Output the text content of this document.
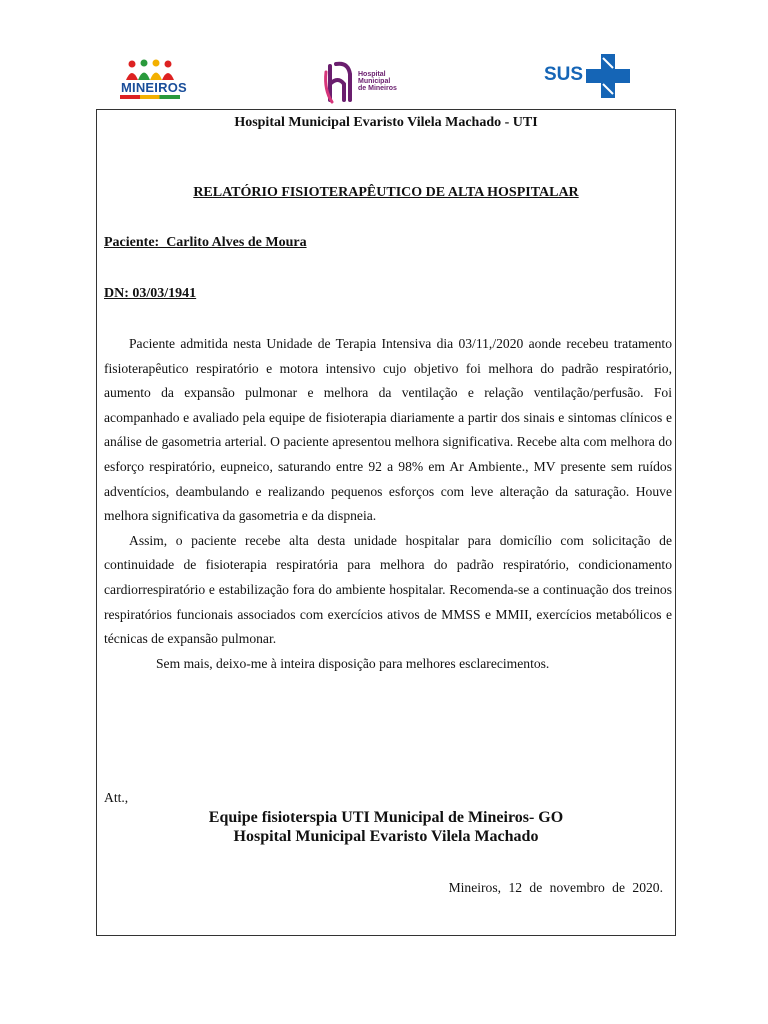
MINEIROS
Hospital
Municipal
de Mineiros
SUS
Hospital Municipal Evaristo Vilela Machado - UTI
RELATÓRIO FISIOTERAPÊUTICO DE ALTA HOSPITALAR
Paciente:  Carlito Alves de Moura
DN: 03/03/1941

Paciente admitida nesta Unidade de Terapia Intensiva dia 03/11,/2020 aonde recebeu tratamento fisioterapêutico respiratório e motora intensivo cujo objetivo foi melhora do padrão respiratório, aumento da expansão pulmonar e melhora da ventilação e relação ventilação/perfusão. Foi acompanhado e avaliado pela equipe de fisioterapia diariamente a partir dos sinais e sintomas clínicos e análise de gasometria arterial. O paciente apresentou melhora significativa. Recebe alta com melhora do esforço respiratório, eupneico, saturando entre 92 a 98% em Ar Ambiente., MV presente sem ruídos adventícios, deambulando e realizando pequenos esforços com leve alteração da saturação. Houve melhora significativa da gasometria e da dispneia.

Assim, o paciente recebe alta desta unidade hospitalar para domicílio com solicitação de continuidade de fisioterapia respiratória para melhora do padrão respiratório, condicionamento cardiorrespiratório e estabilização fora do ambiente hospitalar. Recomenda-se a continuação dos treinos respiratórios funcionais associados com exercícios ativos de MMSS e MMII, exercícios metabólicos e técnicas de expansão pulmonar.

Sem mais, deixo-me à inteira disposição para melhores esclarecimentos.

Att.,
Equipe fisioterspia UTI Municipal de Mineiros- GO
Hospital Municipal Evaristo Vilela Machado
Mineiros, 12 de novembro de 2020.
